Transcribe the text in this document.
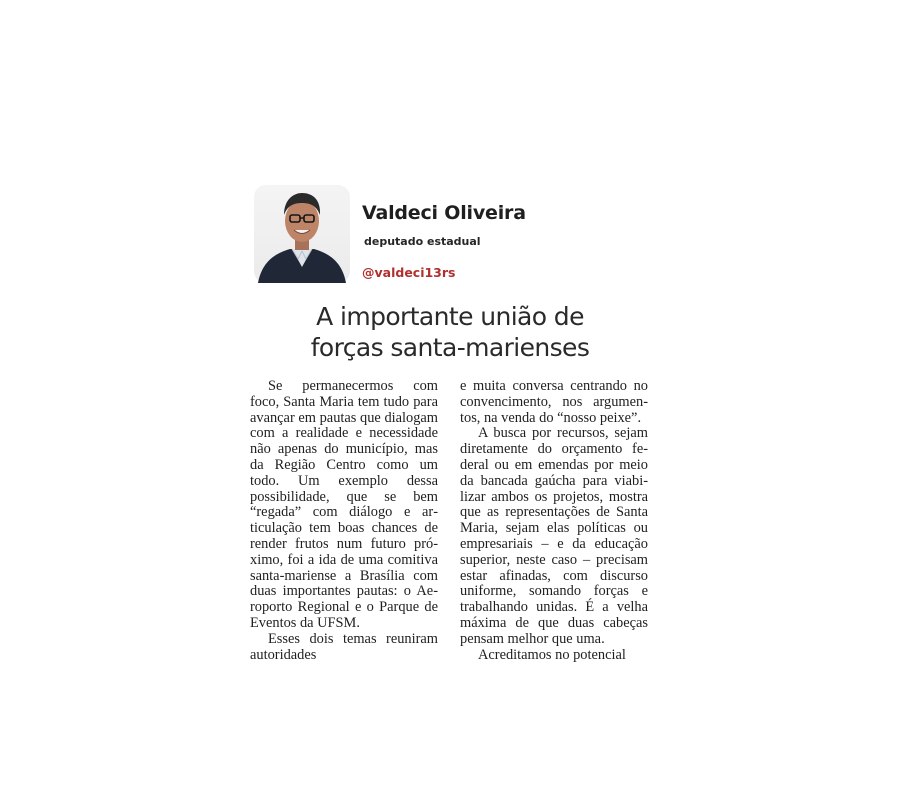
Valdeci Oliveira
deputado estadual
@valdeci13rs
A importante união de
forças santa-marienses

Se permanecermos com foco, Santa Maria tem tudo para avançar em pautas que dialogam com a realidade e necessidade não apenas do município, mas da Região Centro como um todo. Um exemplo dessa possibilidade, que se bem “regada” com diálogo e articulação tem boas chances de render frutos num futuro próximo, foi a ida de uma comitiva santa-mariense a Brasília com duas importantes pautas: o Aeroporto Regional e o Parque de Eventos da UFSM.

Esses dois temas reuniram autoridades

e muita conversa centrando no convencimento, nos argumentos, na venda do “nosso peixe”.

A busca por recursos, sejam diretamente do orçamento federal ou em emendas por meio da bancada gaúcha para viabilizar ambos os projetos, mostra que as representações de Santa Maria, sejam elas políticas ou empresariais – e da educação superior, neste caso – precisam estar afinadas, com discurso uniforme, somando forças e trabalhando unidas. É a velha máxima de que duas cabeças pensam melhor que uma.

Acreditamos no potencial
